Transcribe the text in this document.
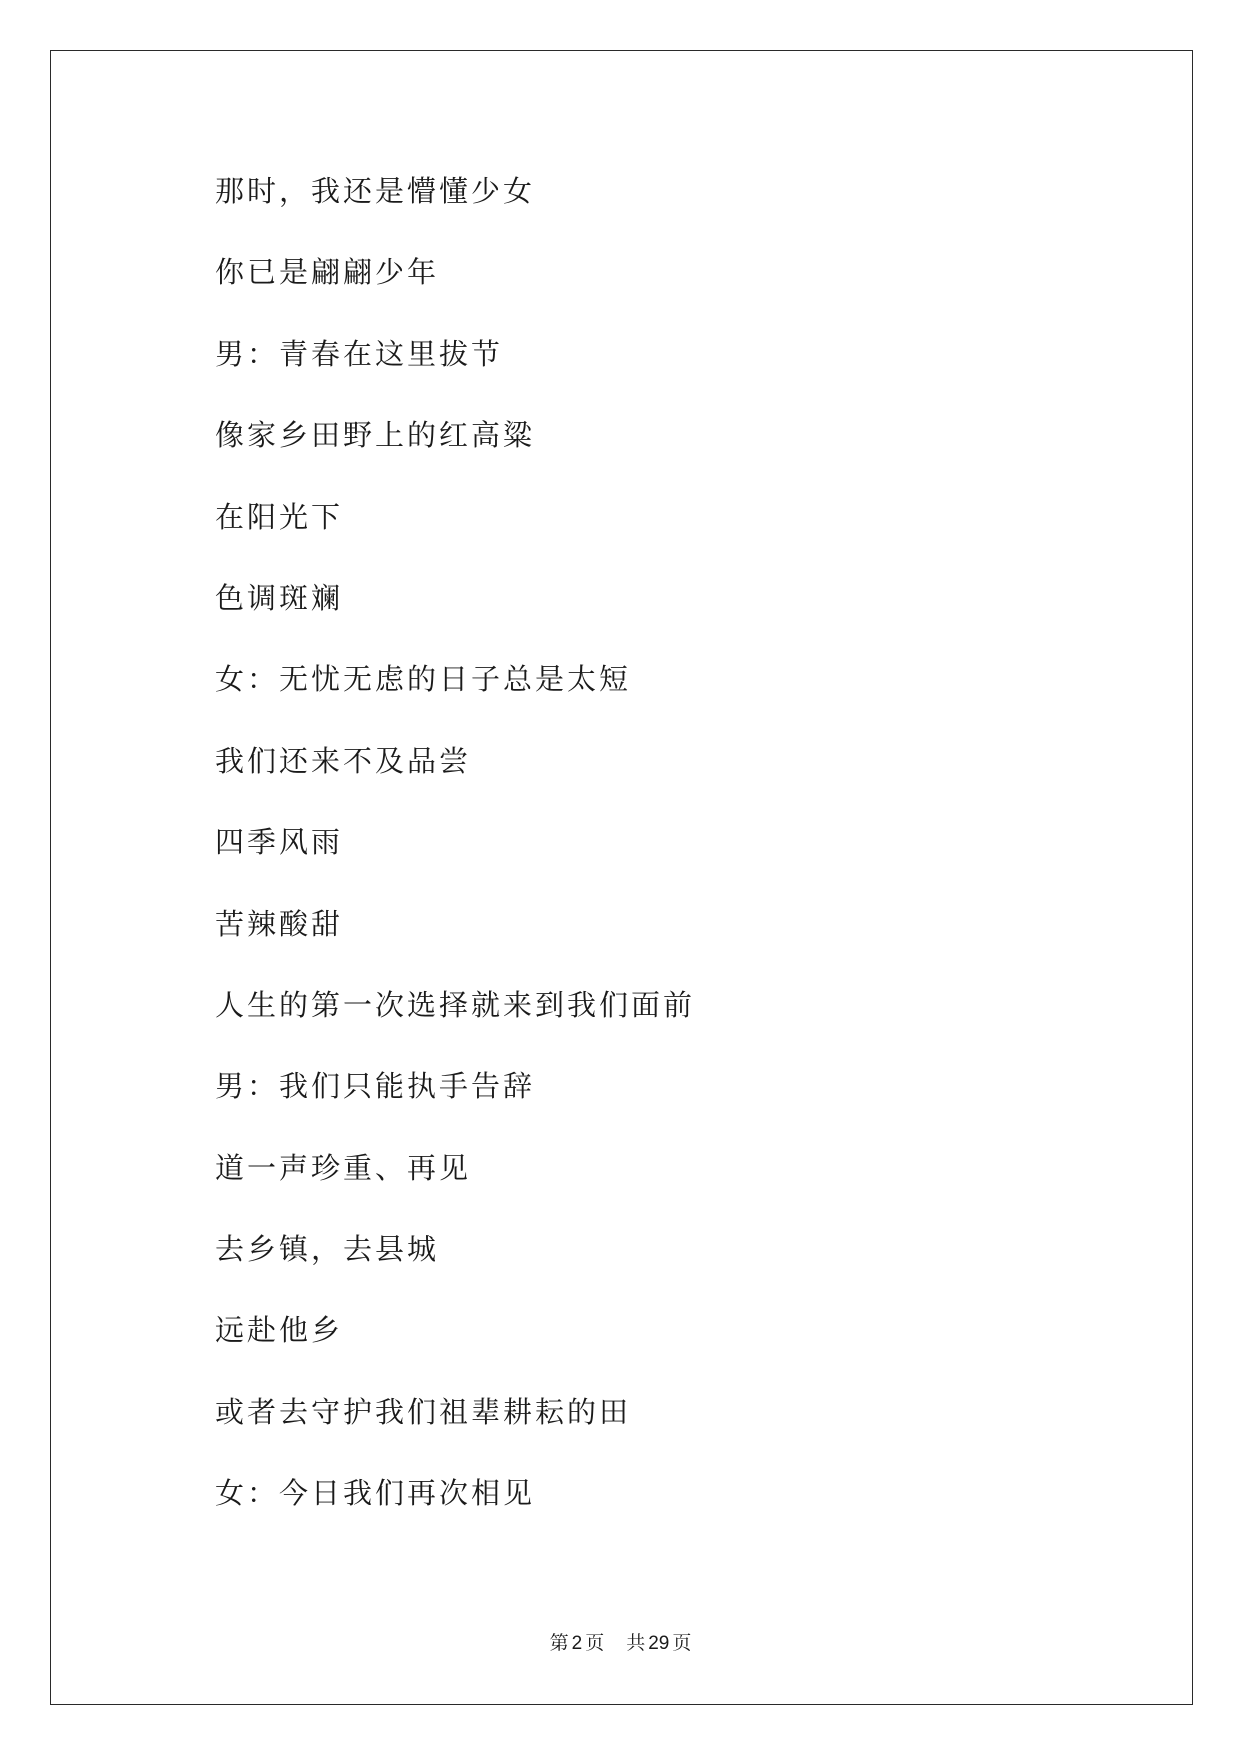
那时，我还是懵懂少女
你已是翩翩少年
男：青春在这里拔节
像家乡田野上的红高粱
在阳光下
色调斑斓
女：无忧无虑的日子总是太短
我们还来不及品尝
四季风雨
苦辣酸甜
人生的第一次选择就来到我们面前
男：我们只能执手告辞
道一声珍重、再见
去乡镇，去县城
远赴他乡
或者去守护我们祖辈耕耘的田
女：今日我们再次相见
第 2 页 共 29 页
